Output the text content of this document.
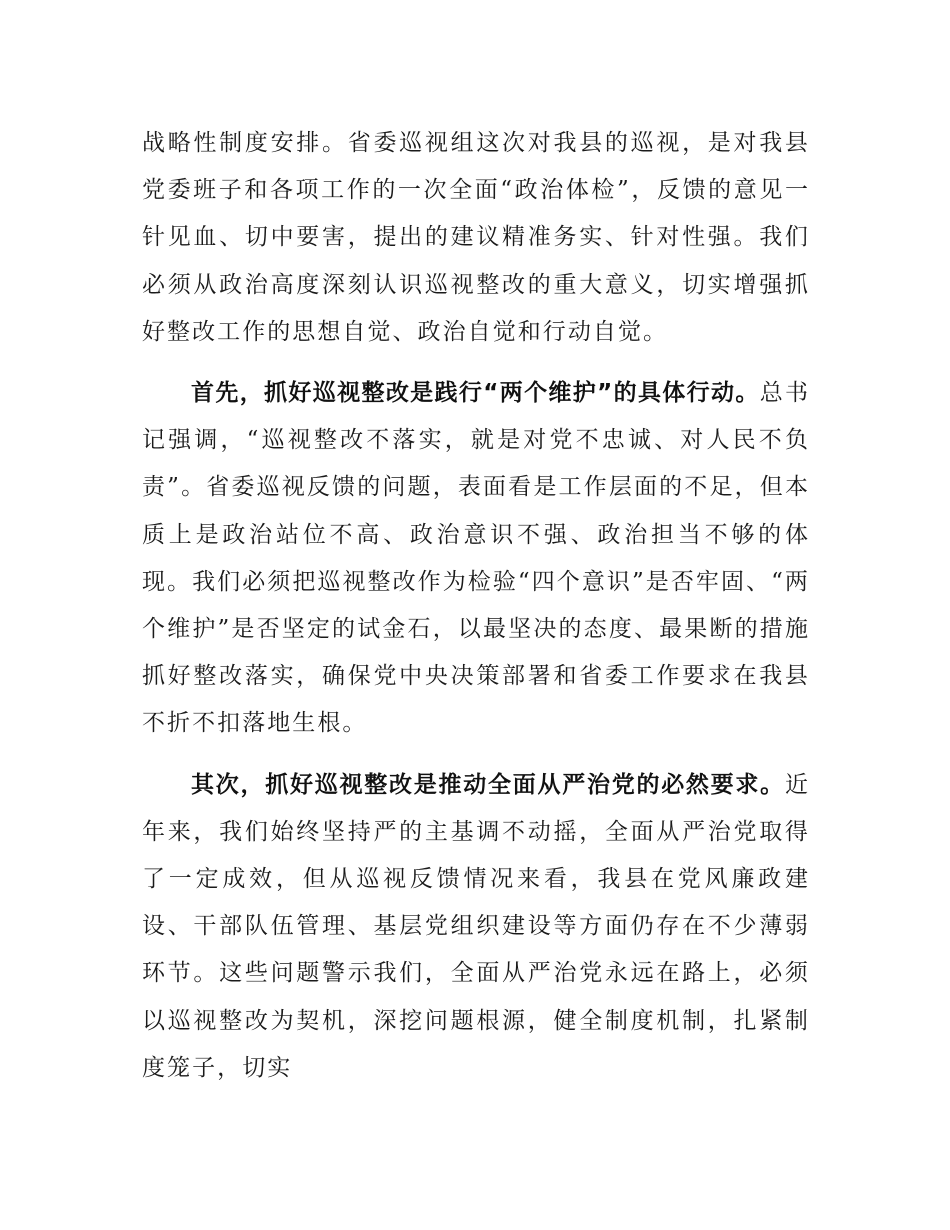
战略性制度安排。省委巡视组这次对我县的巡视，是对我县党委班子和各项工作的一次全面“政治体检”，反馈的意见一针见血、切中要害，提出的建议精准务实、针对性强。我们必须从政治高度深刻认识巡视整改的重大意义，切实增强抓好整改工作的思想自觉、政治自觉和行动自觉。

首先，抓好巡视整改是践行“两个维护”的具体行动。总书记强调，“巡视整改不落实，就是对党不忠诚、对人民不负责”。省委巡视反馈的问题，表面看是工作层面的不足，但本质上是政治站位不高、政治意识不强、政治担当不够的体现。我们必须把巡视整改作为检验“四个意识”是否牢固、“两个维护”是否坚定的试金石，以最坚决的态度、最果断的措施抓好整改落实，确保党中央决策部署和省委工作要求在我县不折不扣落地生根。

其次，抓好巡视整改是推动全面从严治党的必然要求。近年来，我们始终坚持严的主基调不动摇，全面从严治党取得了一定成效，但从巡视反馈情况来看，我县在党风廉政建设、干部队伍管理、基层党组织建设等方面仍存在不少薄弱环节。这些问题警示我们，全面从严治党永远在路上，必须以巡视整改为契机，深挖问题根源，健全制度机制，扎紧制度笼子，切实
